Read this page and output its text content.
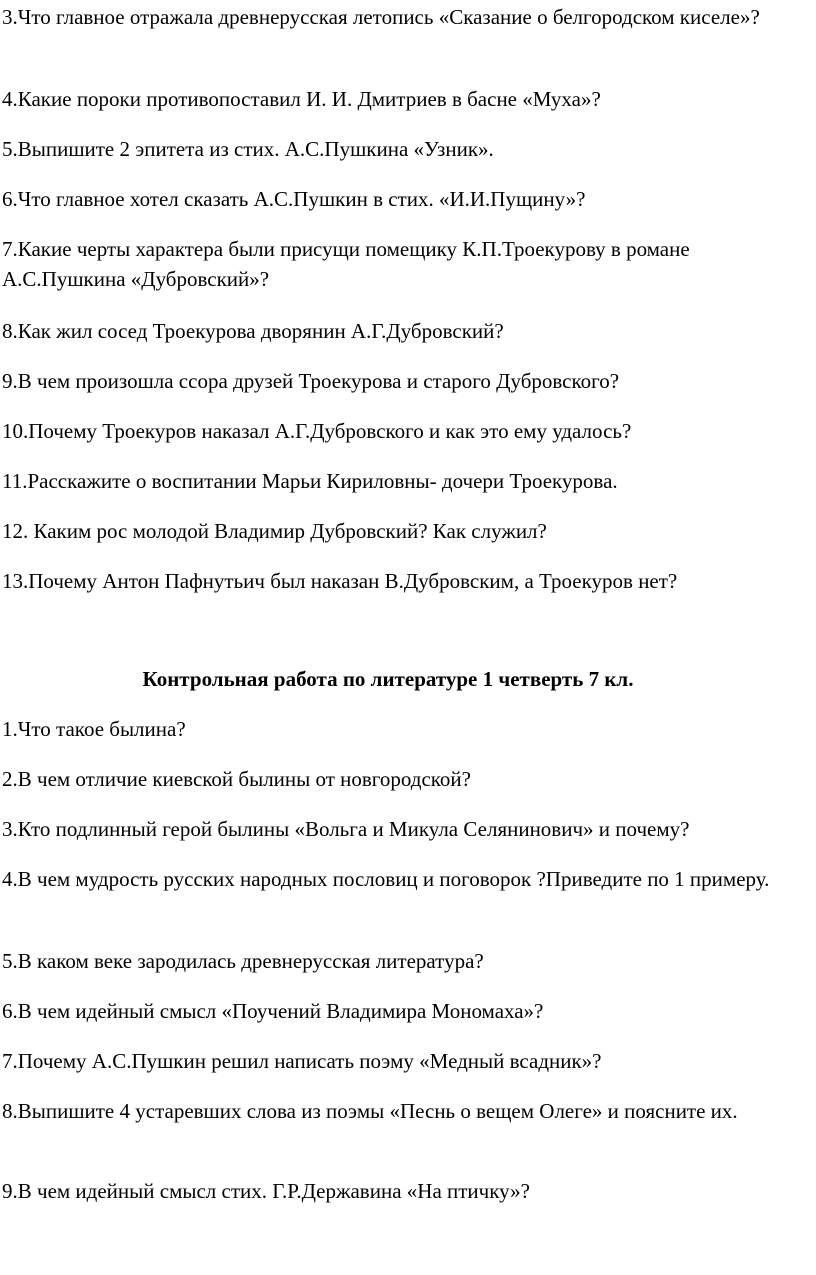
3.Что главное отражала древнерусская летопись «Сказание о белгородском киселе»?

4.Какие пороки противопоставил И. И. Дмитриев в басне «Муха»?

5.Выпишите 2 эпитета из стих. А.С.Пушкина «Узник».

6.Что главное хотел сказать А.С.Пушкин в стих. «И.И.Пущину»?

7.Какие черты характера были присущи помещику К.П.Троекурову в романе А.С.Пушкина «Дубровский»?

8.Как жил сосед Троекурова дворянин А.Г.Дубровский?

9.В чем произошла ссора друзей Троекурова и старого Дубровского?

10.Почему Троекуров наказал А.Г.Дубровского и как это ему удалось?

11.Расскажите о воспитании Марьи Кириловны- дочери Троекурова.

12. Каким рос молодой Владимир Дубровский? Как служил?

13.Почему Антон Пафнутьич был наказан В.Дубровским, а Троекуров нет?

Контрольная работа по литературе 1 четверть 7 кл.

1.Что такое былина?

2.В чем отличие киевской былины от новгородской?

3.Кто подлинный герой былины «Вольга и Микула Селянинович» и почему?

4.В чем мудрость русских народных пословиц и поговорок ?Приведите по 1 примеру.

5.В каком веке зародилась древнерусская литература?

6.В чем идейный смысл «Поучений Владимира Мономаха»?

7.Почему А.С.Пушкин решил написать поэму «Медный всадник»?

8.Выпишите 4 устаревших слова из поэмы «Песнь о вещем Олеге» и поясните их.

9.В чем идейный смысл стих. Г.Р.Державина «На птичку»?
